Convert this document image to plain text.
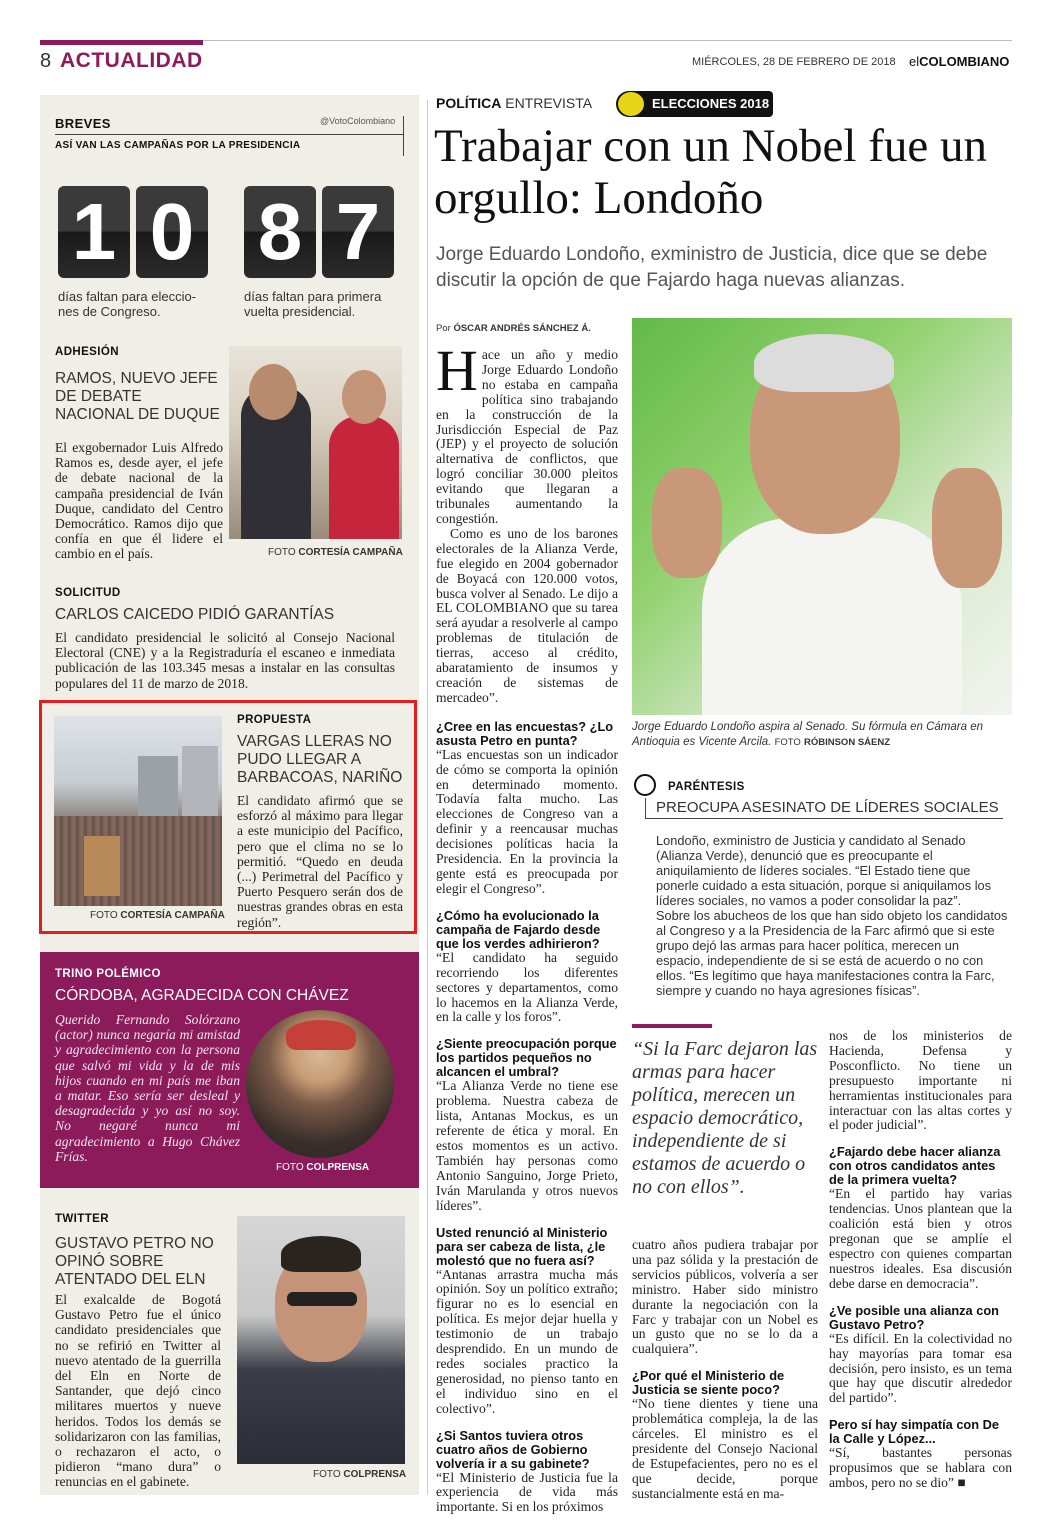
8 ACTUALIDAD	MIÉRCOLES, 28 DE FEBRERO DE 2018 elCOLOMBIANO
BREVES	@VotoColombiano
ASÍ VAN LAS CAMPAÑAS POR LA PRESIDENCIA
1 0
días faltan para eleccio-
nes de Congreso.
8 7
días faltan para primera
vuelta presidencial.
ADHESIÓN
RAMOS, NUEVO JEFE DE DEBATE NACIONAL DE DUQUE
El exgobernador Luis Alfredo Ramos es, desde ayer, el jefe de debate nacional de la campaña presidencial de Iván Duque, candidato del Centro Democrático. Ramos dijo que confía en que él lidere el cambio en el país.	FOTO CORTESÍA CAMPAÑA
SOLICITUD
CARLOS CAICEDO PIDIÓ GARANTÍAS
El candidato presidencial le solicitó al Consejo Nacional Electoral (CNE) y a la Registraduría el escaneo e inmediata publicación de las 103.345 mesas a instalar en las consultas populares del 11 de marzo de 2018.
FOTO CORTESÍA CAMPAÑA
PROPUESTA
VARGAS LLERAS NO PUDO LLEGAR A BARBACOAS, NARIÑO
El candidato afirmó que se esforzó al máximo para llegar a este municipio del Pacífico, pero que el clima no se lo permitió. “Quedo en deuda (...) Perimetral del Pacífico y Puerto Pesquero serán dos de nuestras grandes obras en esta región”.
TRINO POLÉMICO
CÓRDOBA, AGRADECIDA CON CHÁVEZ
Querido Fernando Solórzano (actor) nunca negaría mi amistad y agradecimiento con la persona que salvó mi vida y la de mis hijos cuando en mi país me iban a matar. Eso sería ser desleal y desagradecida y yo así no soy. No negaré nunca mi agradecimiento a Hugo Chávez Frías.
FOTO COLPRENSA
TWITTER
GUSTAVO PETRO NO OPINÓ SOBRE ATENTADO DEL ELN
El exalcalde de Bogotá Gustavo Petro fue el único candidato presidenciales que no se refirió en Twitter al nuevo atentado de la guerrilla del Eln en Norte de Santander, que dejó cinco militares muertos y nueve heridos. Todos los demás se solidarizaron con las familias, o rechazaron el acto, o pidieron “mano dura” o renuncias en el gabinete.	FOTO COLPRENSA
POLÍTICA ENTREVISTA	ELECCIONES 2018
Trabajar con un Nobel fue un orgullo: Londoño
Jorge Eduardo Londoño, exministro de Justicia, dice que se debe discutir la opción de que Fajardo haga nuevas alianzas.
Por ÓSCAR ANDRÉS SÁNCHEZ Á.
Hace un año y medio Jorge Eduardo Londoño no estaba en campaña política sino trabajando en la construcción de la Jurisdicción Especial de Paz (JEP) y el proyecto de solución alternativa de conflictos, que logró conciliar 30.000 pleitos evitando que llegaran a tribunales aumentando la congestión.
Como es uno de los barones electorales de la Alianza Verde, fue elegido en 2004 gobernador de Boyacá con 120.000 votos, busca volver al Senado. Le dijo a EL COLOMBIANO que su tarea será ayudar a resolverle al campo problemas de titulación de tierras, acceso al crédito, abaratamiento de insumos y creación de sistemas de mercadeo”.
¿Cree en las encuestas? ¿Lo asusta Petro en punta?
“Las encuestas son un indicador de cómo se comporta la opinión en determinado momento. Todavía falta mucho. Las elecciones de Congreso van a definir y a reencausar muchas decisiones políticas hacia la Presidencia. En la provincia la gente está es preocupada por elegir el Congreso”.
¿Cómo ha evolucionado la campaña de Fajardo desde que los verdes adhirieron?
“El candidato ha seguido recorriendo los diferentes sectores y departamentos, como lo hacemos en la Alianza Verde, en la calle y los foros”.
¿Siente preocupación porque los partidos pequeños no alcancen el umbral?
“La Alianza Verde no tiene ese problema. Nuestra cabeza de lista, Antanas Mockus, es un referente de ética y moral. En estos momentos es un activo. También hay personas como Antonio Sanguino, Jorge Prieto, Iván Marulanda y otros nuevos líderes”.
Usted renunció al Ministerio para ser cabeza de lista, ¿le molestó que no fuera así?
“Antanas arrastra mucha más opinión. Soy un político extraño; figurar no es lo esencial en política. Es mejor dejar huella y testimonio de un trabajo desprendido. En un mundo de redes sociales practico la generosidad, no pienso tanto en el individuo sino en el colectivo”.
¿Si Santos tuviera otros cuatro años de Gobierno volvería ir a su gabinete?
“El Ministerio de Justicia fue la experiencia de vida más importante. Si en los próximos
Jorge Eduardo Londoño aspira al Senado. Su fórmula en Cámara en Antioquia es Vicente Arcila. FOTO RÓBINSON SÁENZ
PARÉNTESIS
PREOCUPA ASESINATO DE LÍDERES SOCIALES
Londoño, exministro de Justicia y candidato al Senado (Alianza Verde), denunció que es preocupante el aniquilamiento de líderes sociales. “El Estado tiene que ponerle cuidado a esta situación, porque si aniquilamos los líderes sociales, no vamos a poder consolidar la paz”.
Sobre los abucheos de los que han sido objeto los candidatos al Congreso y a la Presidencia de la Farc afirmó que si este grupo dejó las armas para hacer política, merecen un espacio, independiente de si se está de acuerdo o no con ellos. “Es legítimo que haya manifestaciones contra la Farc, siempre y cuando no haya agresiones físicas”.
“Si la Farc dejaron las armas para hacer política, merecen un espacio democrático, independiente de si estamos de acuerdo o no con ellos”.
cuatro años pudiera trabajar por una paz sólida y la prestación de servicios públicos, volvería a ser ministro. Haber sido ministro durante la negociación con la Farc y trabajar con un Nobel es un gusto que no se lo da a cualquiera”.
¿Por qué el Ministerio de Justicia se siente poco?
“No tiene dientes y tiene una problemática compleja, la de las cárceles. El ministro es el presidente del Consejo Nacional de Estupefacientes, pero no es el que decide, porque sustancialmente está en ma-
nos de los ministerios de Hacienda, Defensa y Posconflicto. No tiene un presupuesto importante ni herramientas institucionales para interactuar con las altas cortes y el poder judicial”.
¿Fajardo debe hacer alianza con otros candidatos antes de la primera vuelta?
“En el partido hay varias tendencias. Unos plantean que la coalición está bien y otros pregonan que se amplíe el espectro con quienes compartan nuestros ideales. Esa discusión debe darse en democracia”.
¿Ve posible una alianza con Gustavo Petro?
“Es difícil. En la colectividad no hay mayorías para tomar esa decisión, pero insisto, es un tema que hay que discutir alrededor del partido”.
Pero sí hay simpatía con De la Calle y López...
“Sí, bastantes personas propusimos que se hablara con ambos, pero no se dio” ■
